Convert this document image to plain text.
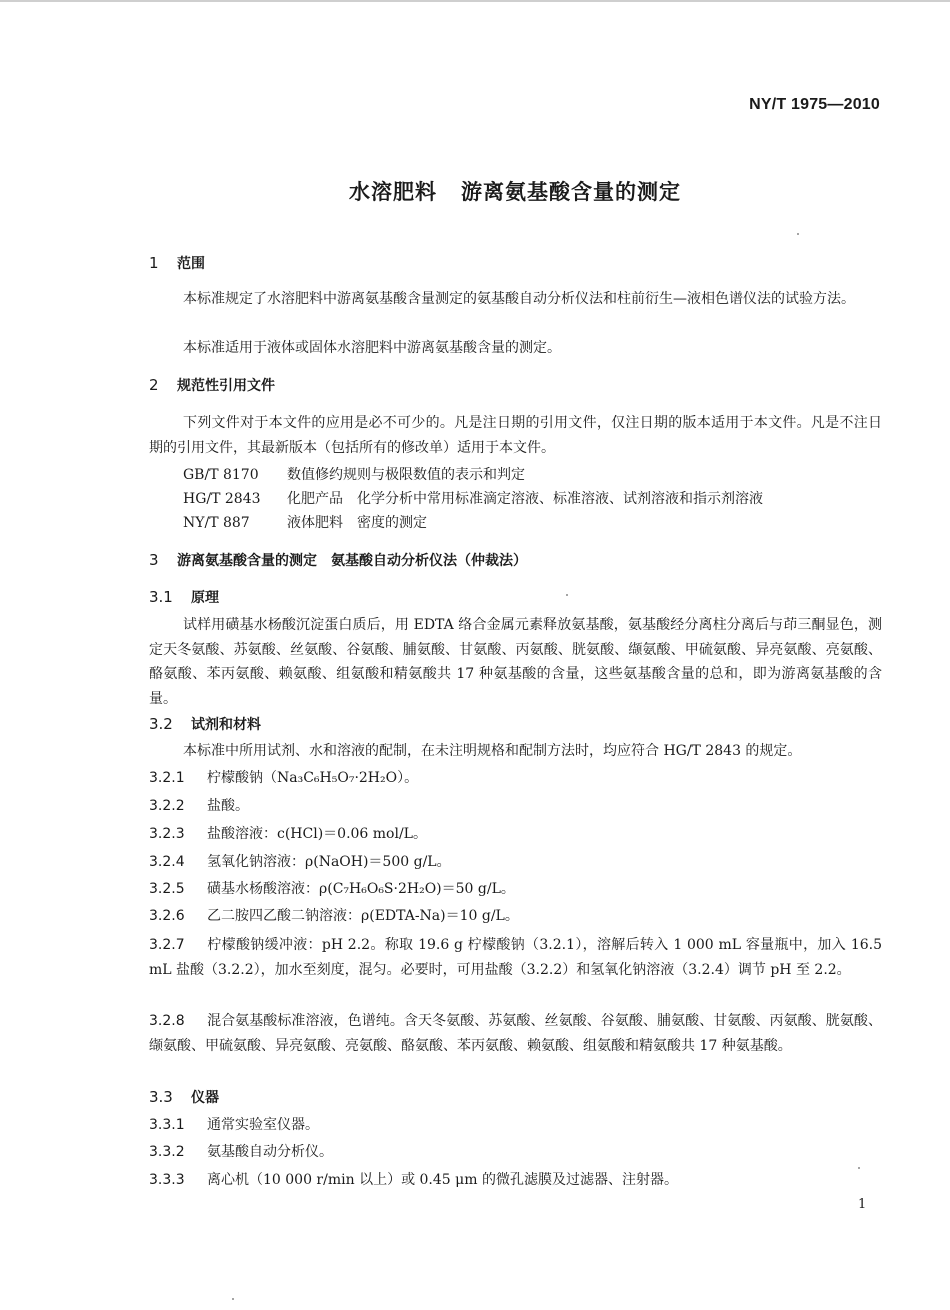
NY/T 1975—2010
水溶肥料 游离氨基酸含量的测定
1 范围
本标准规定了水溶肥料中游离氨基酸含量测定的氨基酸自动分析仪法和柱前衍生—液相色谱仪法的试验方法。
本标准适用于液体或固体水溶肥料中游离氨基酸含量的测定。
2 规范性引用文件
下列文件对于本文件的应用是必不可少的。凡是注日期的引用文件，仅注日期的版本适用于本文件。凡是不注日期的引用文件，其最新版本（包括所有的修改单）适用于本文件。
GB/T 8170 数值修约规则与极限数值的表示和判定
HG/T 2843 化肥产品　化学分析中常用标准滴定溶液、标准溶液、试剂溶液和指示剂溶液
NY/T 887	液体肥料　密度的测定
3 游离氨基酸含量的测定　氨基酸自动分析仪法（仲裁法）
3.1 原理
试样用磺基水杨酸沉淀蛋白质后，用 EDTA 络合金属元素释放氨基酸，氨基酸经分离柱分离后与茚三酮显色，测定天冬氨酸、苏氨酸、丝氨酸、谷氨酸、脯氨酸、甘氨酸、丙氨酸、胱氨酸、缬氨酸、甲硫氨酸、异亮氨酸、亮氨酸、酪氨酸、苯丙氨酸、赖氨酸、组氨酸和精氨酸共 17 种氨基酸的含量，这些氨基酸含量的总和，即为游离氨基酸的含量。
3.2 试剂和材料
本标准中所用试剂、水和溶液的配制，在未注明规格和配制方法时，均应符合 HG/T 2843 的规定。
3.2.1 柠檬酸钠（Na₃C₆H₅O₇·2H₂O）。
3.2.2 盐酸。
3.2.3 盐酸溶液：c(HCl)＝0.06 mol/L。
3.2.4 氢氧化钠溶液：ρ(NaOH)＝500 g/L。
3.2.5 磺基水杨酸溶液：ρ(C₇H₆O₆S·2H₂O)＝50 g/L。
3.2.6 乙二胺四乙酸二钠溶液：ρ(EDTA-Na)＝10 g/L。
3.2.7 柠檬酸钠缓冲液：pH 2.2。称取 19.6 g 柠檬酸钠（3.2.1），溶解后转入 1 000 mL 容量瓶中，加入 16.5 mL 盐酸（3.2.2），加水至刻度，混匀。必要时，可用盐酸（3.2.2）和氢氧化钠溶液（3.2.4）调节 pH 至 2.2。
3.2.8 混合氨基酸标准溶液，色谱纯。含天冬氨酸、苏氨酸、丝氨酸、谷氨酸、脯氨酸、甘氨酸、丙氨酸、胱氨酸、缬氨酸、甲硫氨酸、异亮氨酸、亮氨酸、酪氨酸、苯丙氨酸、赖氨酸、组氨酸和精氨酸共 17 种氨基酸。
3.3 仪器
3.3.1 通常实验室仪器。
3.3.2 氨基酸自动分析仪。
3.3.3 离心机（10 000 r/min 以上）或 0.45 μm 的微孔滤膜及过滤器、注射器。
1
